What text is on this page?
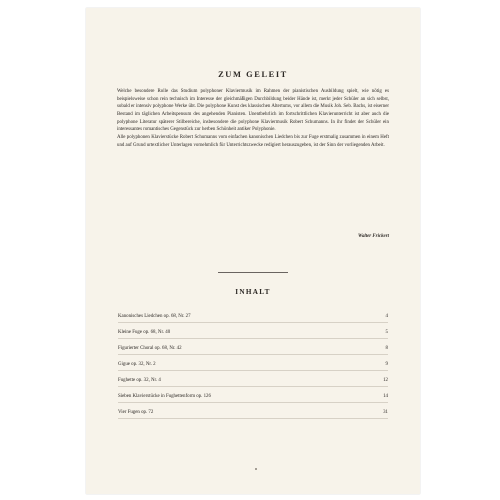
ZUM GELEIT

Welche besondere Rolle das Studium polyphoner Klaviermusik im Rahmen der pianistischen Ausbildung spielt, wie nötig es beispielsweise schon rein technisch im Interesse der gleichmäßigen Durchbildung beider Hände ist, merkt jeder Schüler an sich selbst, sobald er intensiv polyphone Werke übt. Die polyphone Kunst des klassischen Altertums, vor allem die Musik Joh. Seb. Bachs, ist eiserner Bestand im täglichen Arbeitspensum des angehenden Pianisten. Unentbehrlich im fortschrittlichen Klavierunterricht ist aber auch die polyphone Literatur späterer Stilbereiche, insbesondere die polyphone Klaviermusik Robert Schumanns. In ihr findet der Schüler ein interessantes romantisches Gegenstück zur herben Schönheit antiker Polyphonie.

Alle polyphonen Klavierstücke Robert Schumanns vom einfachen kanonischen Liedchen bis zur Fuge erstmalig zusammen in einem Heft und auf Grund urtextlicher Unterlagen vornehmlich für Unterrichtszwecke redigiert herauszugeben, ist der Sinn der vorliegenden Arbeit.

Walter Frickert
INHALT
Kanonisches Liedchen op. 68, Nr. 27	4
Kleine Fuge op. 68, Nr. 40	5
Figurierter Choral op. 68, Nr. 42	8
Gigue op. 32, Nr. 2	9
Fughette op. 32, Nr. 4	12
Sieben Klavierstücke in Fughettenform op. 126	14
Vier Fugen op. 72	31
